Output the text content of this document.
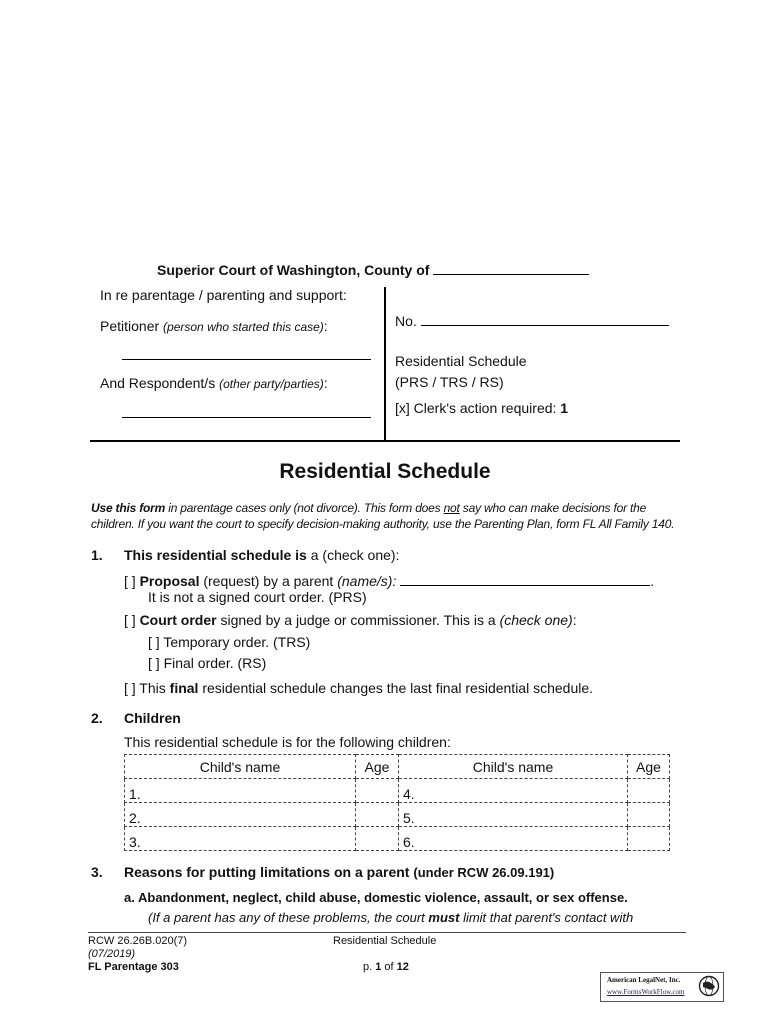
Superior Court of Washington, County of
In re parentage / parenting and support:
Petitioner (person who started this case):
And Respondent/s (other party/parties):
No.
Residential Schedule
(PRS / TRS / RS)
[x] Clerk's action required: 1
Residential Schedule
Use this form in parentage cases only (not divorce). This form does not say who can make decisions for the children. If you want the court to specify decision-making authority, use the Parenting Plan, form FL All Family 140.
1. This residential schedule is a (check one):
[ ] Proposal (request) by a parent (name/s):	.
It is not a signed court order. (PRS)
[ ] Court order signed by a judge or commissioner. This is a (check one):
[ ] Temporary order. (TRS)
[ ] Final order. (RS)
[ ] This final residential schedule changes the last final residential schedule.
2. Children
This residential schedule is for the following children:
Child's name	Age	Child's name	Age
1.		4.	
2.		5.	
3.		6.	
3. Reasons for putting limitations on a parent (under RCW 26.09.191)
a. Abandonment, neglect, child abuse, domestic violence, assault, or sex offense.
(If a parent has any of these problems, the court must limit that parent's contact with
RCW 26.26B.020(7)
(07/2019)
FL Parentage 303
Residential Schedule
p. 1 of 12
American LegalNet, Inc.
www.FormsWorkFlow.com
